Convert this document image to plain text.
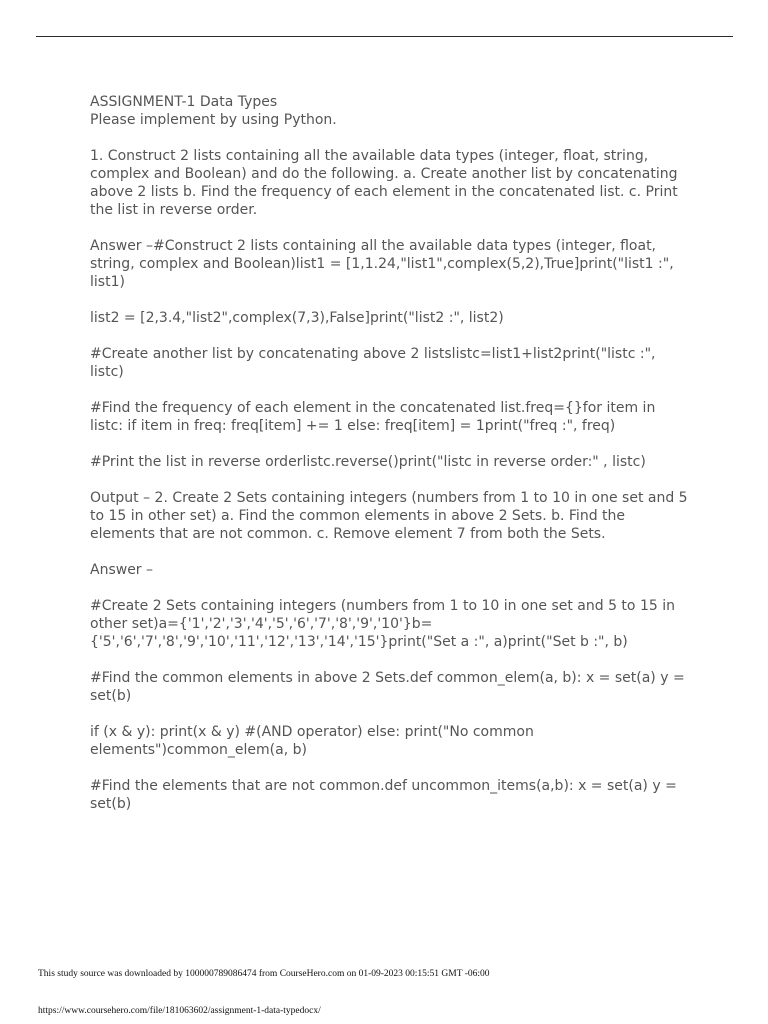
ASSIGNMENT-1 Data Types

Please implement by using Python.

1. Construct 2 lists containing all the available data types (integer, float, string, complex and Boolean) and do the following. a. Create another list by concatenating above 2 lists b. Find the frequency of each element in the concatenated list. c. Print the list in reverse order.

Answer –#Construct 2 lists containing all the available data types (integer, float, string, complex and Boolean)list1 = [1,1.24,"list1",complex(5,2),True]print("list1 :", list1)

list2 = [2,3.4,"list2",complex(7,3),False]print("list2 :", list2)

#Create another list by concatenating above 2 listslistc=list1+list2print("listc :", listc)

#Find the frequency of each element in the concatenated list.freq={}for item in listc: if item in freq: freq[item] += 1 else: freq[item] = 1print("freq :", freq)

#Print the list in reverse orderlistc.reverse()print("listc in reverse order:" , listc)

Output – 2. Create 2 Sets containing integers (numbers from 1 to 10 in one set and 5 to 15 in other set) a. Find the common elements in above 2 Sets. b. Find the elements that are not common. c. Remove element 7 from both the Sets.

Answer –

#Create 2 Sets containing integers (numbers from 1 to 10 in one set and 5 to 15 in other set)a={'1','2','3','4','5','6','7','8','9','10'}b={'5','6','7','8','9','10','11','12','13','14','15'}print("Set a :", a)print("Set b :", b)

#Find the common elements in above 2 Sets.def common_elem(a, b): x = set(a) y = set(b)

if (x & y): print(x & y) #(AND operator) else: print("No common elements")common_elem(a, b)

#Find the elements that are not common.def uncommon_items(a,b): x = set(a) y = set(b)

This study source was downloaded by 100000789086474 from CourseHero.com on 01-09-2023 00:15:51 GMT -06:00
https://www.coursehero.com/file/181063602/assignment-1-data-typedocx/
